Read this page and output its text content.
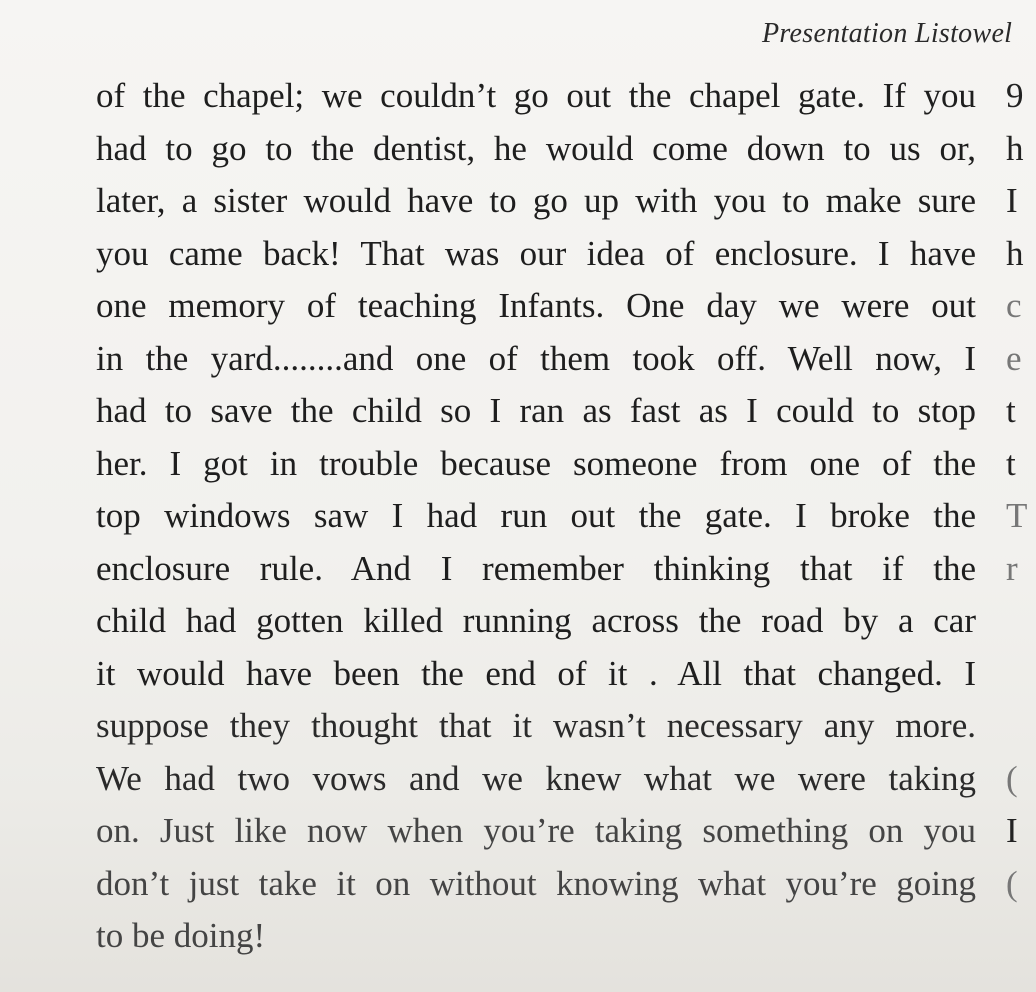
Presentation Listowel
of the chapel; we couldn’t go out the chapel gate. If you
had to go to the dentist, he would come down to us or,
later, a sister would have to go up with you to make sure
you came back! That was our idea of enclosure. I have
one memory of teaching Infants. One day we were out
in the yard........and one of them took off. Well now, I
had to save the child so I ran as fast as I could to stop
her. I got in trouble because someone from one of the
top windows saw I had run out the gate. I broke the
enclosure rule. And I remember thinking that if the
child had gotten killed running across the road by a car
it would have been the end of it . All that changed. I
suppose they thought that it wasn’t necessary any more.
We had two vows and we knew what we were taking
on. Just like now when you’re taking something on you
don’t just take it on without knowing what you’re going
to be doing!
9
h
I
h
c
e
t
t
T
r
(
I
(
